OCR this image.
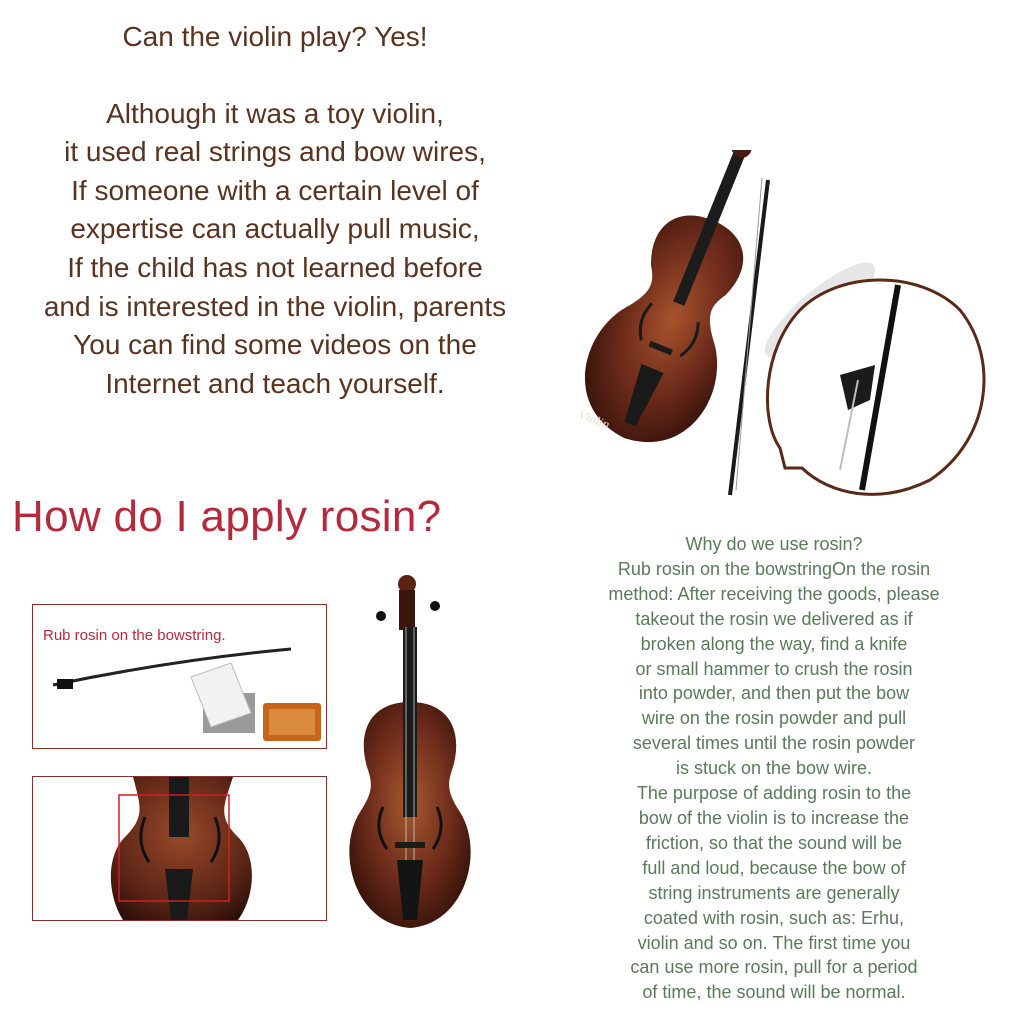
Can the violin play? Yes!
Although it was a toy violin,
it used real strings and bow wires,
If someone with a certain level of
expertise can actually pull music,
If the child has not learned before
and is interested in the violin, parents
You can find some videos on the
Internet and teach yourself.
Violin
How do I apply rosin?
Rub rosin on the bowstring.
Why do we use rosin?
Rub rosin on the bowstringOn the rosin
method: After receiving the goods, please
takeout the rosin we delivered as if
broken along the way, find a knife
or small hammer to crush the rosin
into powder, and then put the bow
wire on the rosin powder and pull
several times until the rosin powder
is stuck on the bow wire.
The purpose of adding rosin to the
bow of the violin is to increase the
friction, so that the sound will be
full and loud, because the bow of
string instruments are generally
coated with rosin, such as: Erhu,
violin and so on. The first time you
can use more rosin, pull for a period
of time, the sound will be normal.
